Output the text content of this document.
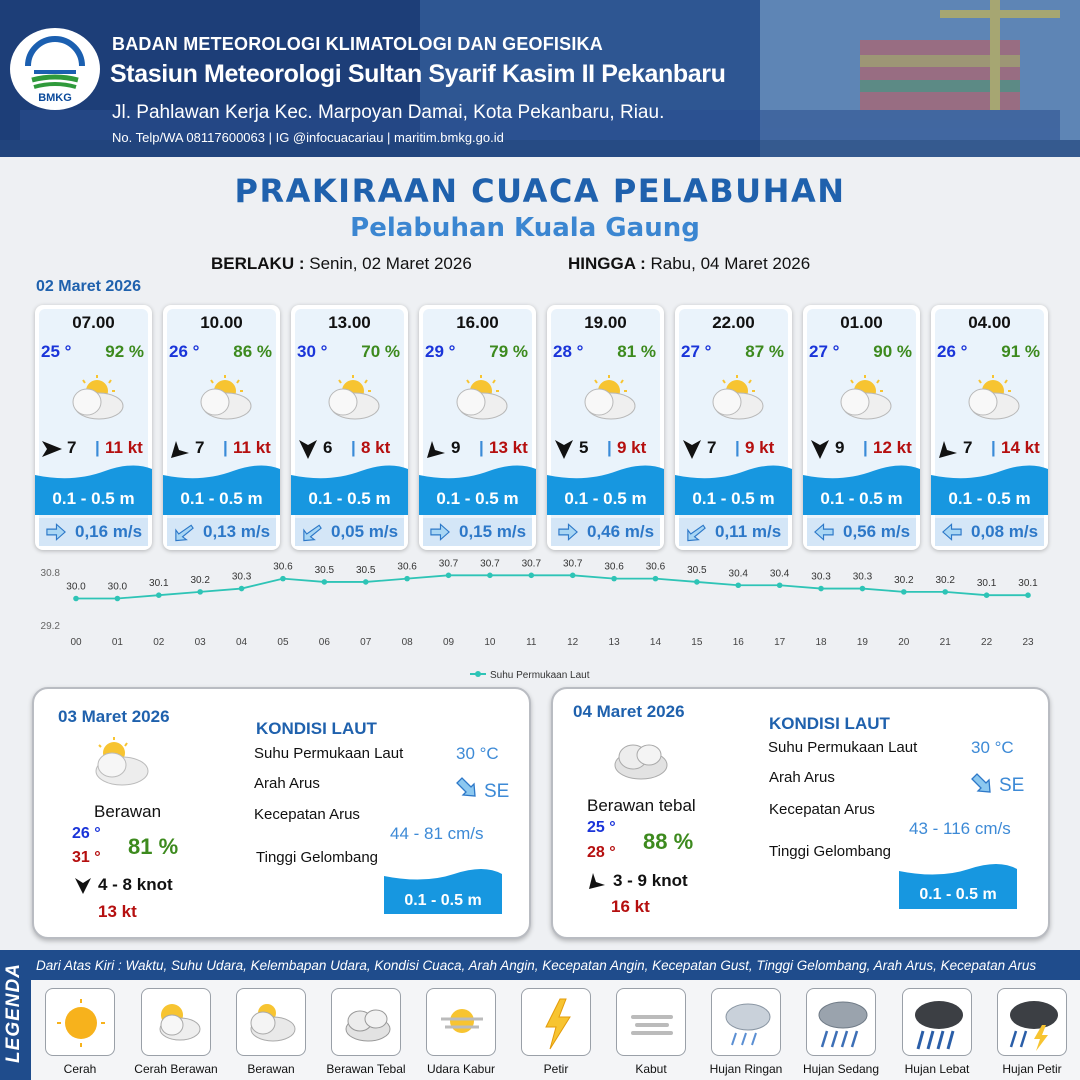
BMKG
BADAN METEOROLOGI KLIMATOLOGI DAN GEOFISIKA
Stasiun Meteorologi Sultan Syarif Kasim II Pekanbaru
Jl. Pahlawan Kerja Kec. Marpoyan Damai, Kota Pekanbaru, Riau.
No. Telp/WA 08117600063 | IG @infocuacariau | maritim.bmkg.go.id
PRAKIRAAN CUACA PELABUHAN
Pelabuhan Kuala Gaung
BERLAKU : Senin, 02 Maret 2026	HINGGA : Rabu, 04 Maret 2026
02 Maret 2026
07.00
25 ° 92 %
7 | 11 kt
0.1 - 0.5 m
0,16 m/s
10.00
26 ° 86 %
7 | 11 kt
0.1 - 0.5 m
0,13 m/s
13.00
30 ° 70 %
6 | 8 kt
0.1 - 0.5 m
0,05 m/s
16.00
29 ° 79 %
9 | 13 kt
0.1 - 0.5 m
0,15 m/s
19.00
28 ° 81 %
5 | 9 kt
0.1 - 0.5 m
0,46 m/s
22.00
27 ° 87 %
7 | 9 kt
0.1 - 0.5 m
0,11 m/s
01.00
27 ° 90 %
9 | 12 kt
0.1 - 0.5 m
0,56 m/s
04.00
26 ° 91 %
7 | 14 kt
0.1 - 0.5 m
0,08 m/s
30.8
29.2
30.0
00
30.0
01
30.1
02
30.2
03
30.3
04
30.6
05
30.5
06
30.5
07
30.6
08
30.7
09
30.7
10
30.7
11
30.7
12
30.6
13
30.6
14
30.5
15
30.4
16
30.4
17
30.3
18
30.3
19
30.2
20
30.2
21
30.1
22
30.1
23
Suhu Permukaan Laut
03 Maret 2026
Berawan
26 °
31 ° 81 %
4 - 8 knot
13 kt
KONDISI LAUT
Suhu Permukaan Laut	30 °C
Arah Arus	SE
Kecepatan Arus
44 - 81 cm/s
Tinggi Gelombang
0.1 - 0.5 m
04 Maret 2026
Berawan tebal
25 °
28 ° 88 %
3 - 9 knot
16 kt
KONDISI LAUT
Suhu Permukaan Laut	30 °C
Arah Arus	SE
Kecepatan Arus
43 - 116 cm/s
Tinggi Gelombang
0.1 - 0.5 m
LEGENDA Dari Atas Kiri : Waktu, Suhu Udara, Kelembapan Udara, Kondisi Cuaca, Arah Angin, Kecepatan Angin, Kecepatan Gust, Tinggi Gelombang, Arah Arus, Kecepatan Arus
Cerah	Cerah Berawan	Berawan	Berawan Tebal	Udara Kabur	Petir	Kabut	Hujan Ringan	Hujan Sedang	Hujan Lebat	Hujan Petir
